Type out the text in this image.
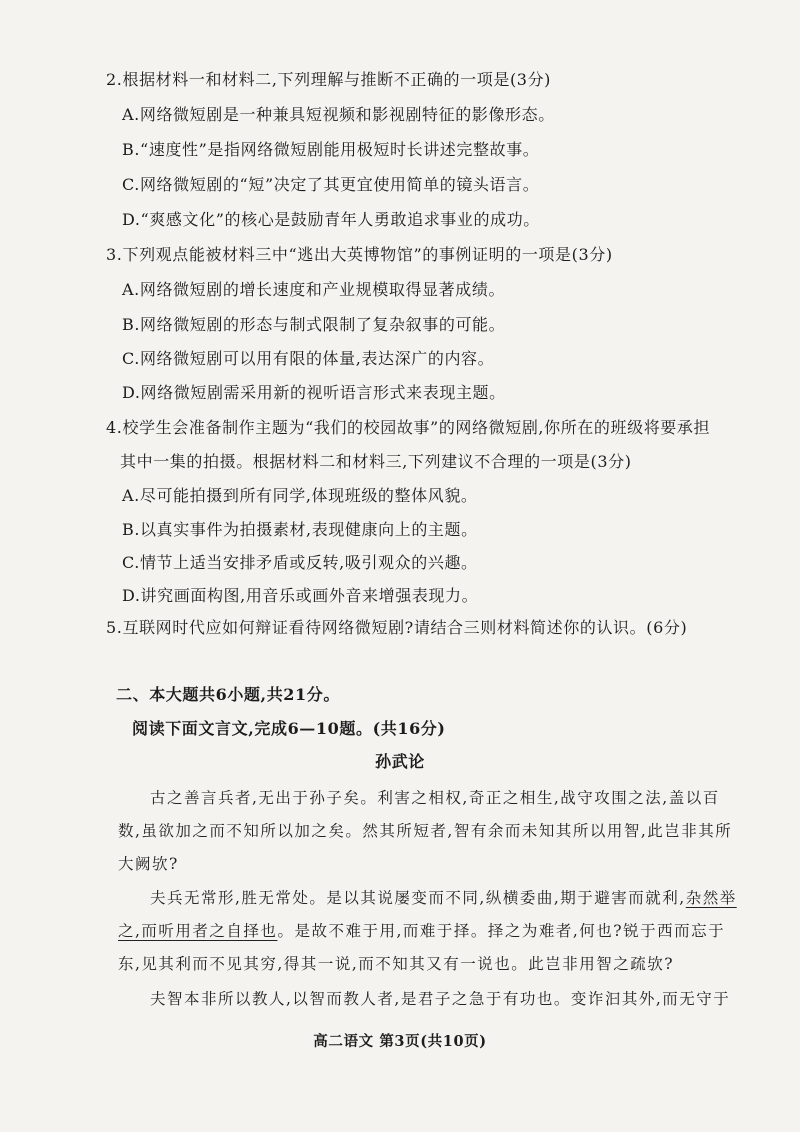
2.根据材料一和材料二,下列理解与推断不正确的一项是(3分)
A.网络微短剧是一种兼具短视频和影视剧特征的影像形态。
B.“速度性”是指网络微短剧能用极短时长讲述完整故事。
C.网络微短剧的“短”决定了其更宜使用简单的镜头语言。
D.“爽感文化”的核心是鼓励青年人勇敢追求事业的成功。
3.下列观点能被材料三中“逃出大英博物馆”的事例证明的一项是(3分)
A.网络微短剧的增长速度和产业规模取得显著成绩。
B.网络微短剧的形态与制式限制了复杂叙事的可能。
C.网络微短剧可以用有限的体量,表达深广的内容。
D.网络微短剧需采用新的视听语言形式来表现主题。
4.校学生会准备制作主题为“我们的校园故事”的网络微短剧,你所在的班级将要承担
其中一集的拍摄。根据材料二和材料三,下列建议不合理的一项是(3分)
A.尽可能拍摄到所有同学,体现班级的整体风貌。
B.以真实事件为拍摄素材,表现健康向上的主题。
C.情节上适当安排矛盾或反转,吸引观众的兴趣。
D.讲究画面构图,用音乐或画外音来增强表现力。
5.互联网时代应如何辩证看待网络微短剧?请结合三则材料简述你的认识。(6分)
二、本大题共6小题,共21分。
阅读下面文言文,完成6—10题。(共16分)
孙武论
古之善言兵者,无出于孙子矣。利害之相权,奇正之相生,战守攻围之法,盖以百
数,虽欲加之而不知所以加之矣。然其所短者,智有余而未知其所以用智,此岂非其所
大阙欤?
夫兵无常形,胜无常处。是以其说屡变而不同,纵横委曲,期于避害而就利,杂然举
之,而听用者之自择也。是故不难于用,而难于择。择之为难者,何也?锐于西而忘于
东,见其利而不见其穷,得其一说,而不知其又有一说也。此岂非用智之疏欤?
夫智本非所以教人,以智而教人者,是君子之急于有功也。变诈汩其外,而无守于
高二语文 第3页(共10页)
